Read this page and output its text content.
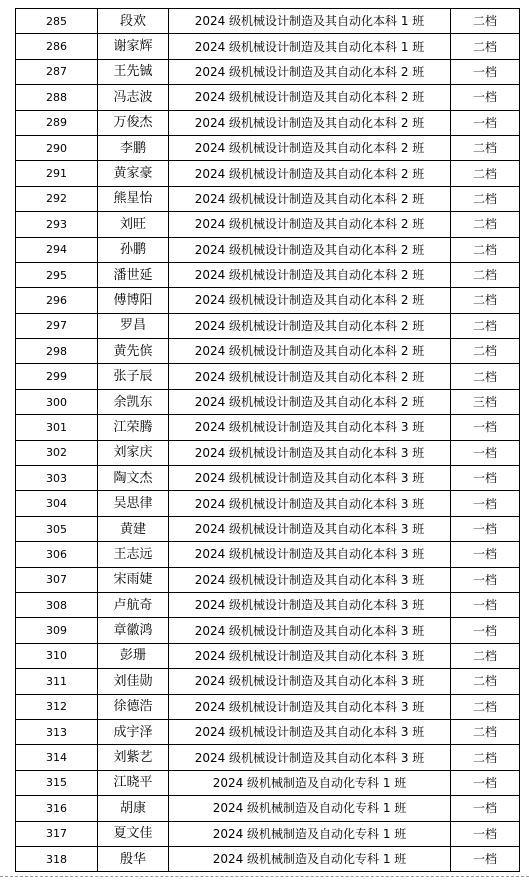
285	段欢	2024 级机械设计制造及其自动化本科 1 班	二档
286	谢家辉	2024 级机械设计制造及其自动化本科 1 班	二档
287	王先铖	2024 级机械设计制造及其自动化本科 2 班	一档
288	冯志波	2024 级机械设计制造及其自动化本科 2 班	一档
289	万俊杰	2024 级机械设计制造及其自动化本科 2 班	一档
290	李鹏	2024 级机械设计制造及其自动化本科 2 班	二档
291	黄家豪	2024 级机械设计制造及其自动化本科 2 班	二档
292	熊星怡	2024 级机械设计制造及其自动化本科 2 班	二档
293	刘旺	2024 级机械设计制造及其自动化本科 2 班	二档
294	孙鹏	2024 级机械设计制造及其自动化本科 2 班	二档
295	潘世延	2024 级机械设计制造及其自动化本科 2 班	二档
296	傅博阳	2024 级机械设计制造及其自动化本科 2 班	二档
297	罗昌	2024 级机械设计制造及其自动化本科 2 班	二档
298	黄先傧	2024 级机械设计制造及其自动化本科 2 班	二档
299	张子辰	2024 级机械设计制造及其自动化本科 2 班	二档
300	余凯东	2024 级机械设计制造及其自动化本科 2 班	三档
301	江荣腾	2024 级机械设计制造及其自动化本科 3 班	一档
302	刘家庆	2024 级机械设计制造及其自动化本科 3 班	一档
303	陶文杰	2024 级机械设计制造及其自动化本科 3 班	一档
304	吴思律	2024 级机械设计制造及其自动化本科 3 班	一档
305	黄建	2024 级机械设计制造及其自动化本科 3 班	一档
306	王志远	2024 级机械设计制造及其自动化本科 3 班	一档
307	宋雨婕	2024 级机械设计制造及其自动化本科 3 班	一档
308	卢航奇	2024 级机械设计制造及其自动化本科 3 班	一档
309	章徽鸿	2024 级机械设计制造及其自动化本科 3 班	一档
310	彭珊	2024 级机械设计制造及其自动化本科 3 班	二档
311	刘佳勋	2024 级机械设计制造及其自动化本科 3 班	二档
312	徐德浩	2024 级机械设计制造及其自动化本科 3 班	二档
313	成宇泽	2024 级机械设计制造及其自动化本科 3 班	二档
314	刘紫艺	2024 级机械设计制造及其自动化本科 3 班	二档
315	江晓平	2024 级机械制造及自动化专科 1 班	一档
316	胡康	2024 级机械制造及自动化专科 1 班	一档
317	夏文佳	2024 级机械制造及自动化专科 1 班	一档
318	殷华	2024 级机械制造及自动化专科 1 班	一档
